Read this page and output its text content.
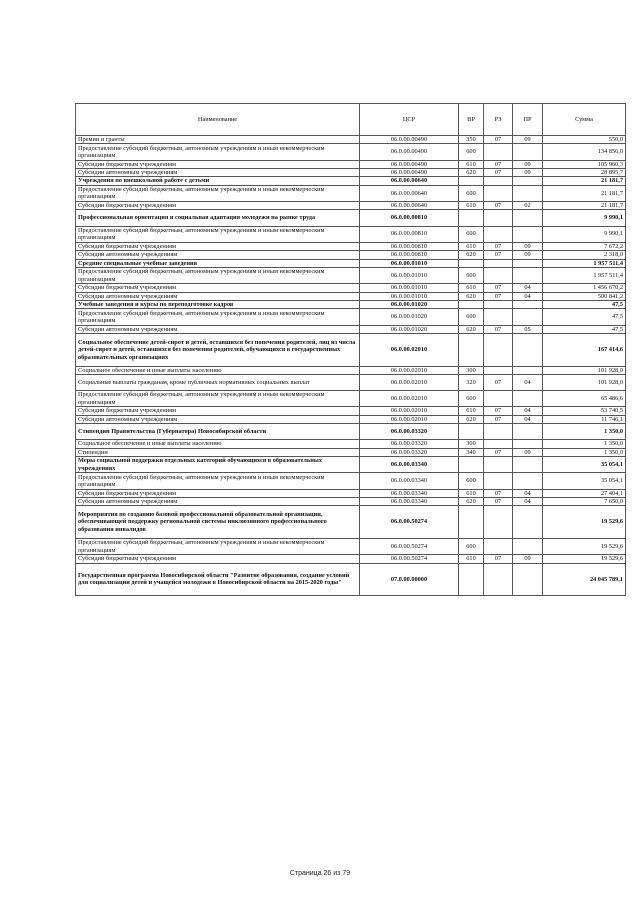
Наименование	ЦСР	ВР	РЗ	ПР	Сумма
Премии и гранты	06.0.00.00490	350	07	09	550,0
Предоставление субсидий бюджетным, автономным учреждениям и иным некоммерческим организациям	06.0.00.00490	600			134 856,0
Субсидии бюджетным учреждениям	06.0.00.00490	610	07	09	105 960,3
Субсидии автономным учреждениям	06.0.00.00490	620	07	09	28 895,7
Учреждения по внешкольной работе с детьми	06.0.00.00640				21 181,7
Предоставление субсидий бюджетным, автономным учреждениям и иным некоммерческим организациям	06.0.00.00640	600			21 181,7
Субсидии бюджетным учреждениям	06.0.00.00640	610	07	02	21 181,7
Профессиональная ориентация и социальная адаптация молодежи на рынке труда	06.0.00.00810				9 990,1
Предоставление субсидий бюджетным, автономным учреждениям и иным некоммерческим организациям	06.0.00.00810	600			9 990,1
Субсидии бюджетным учреждениям	06.0.00.00810	610	07	09	7 672,2
Субсидии автономным учреждениям	06.0.00.00810	620	07	09	2 318,0
Средние специальные учебные заведения	06.0.00.01010				1 957 511,4
Предоставление субсидий бюджетным, автономным учреждениям и иным некоммерческим организациям	06.0.00.01010	600			1 957 511,4
Субсидии бюджетным учреждениям	06.0.00.01010	610	07	04	1 456 670,2
Субсидии автономным учреждениям	06.0.00.01010	620	07	04	500 841,2
Учебные заведения и курсы по переподготовке кадров	06.0.00.01020				47,5
Предоставление субсидий бюджетным, автономным учреждениям и иным некоммерческим организациям	06.0.00.01020	600			47,5
Субсидии автономным учреждениям	06.0.00.01020	620	07	05	47,5
Социальное обеспечение детей-сирот и детей, оставшихся без попечения родителей, лиц из числа детей-сирот и детей, оставшихся без попечения родителей, обучающихся в государственных образовательных организациях	06.0.00.02010				167 414,6
Социальное обеспечение и иные выплаты населению	06.0.00.02010	300			101 928,0
Социальные выплаты гражданам, кроме публичных нормативных социальных выплат	06.0.00.02010	320	07	04	101 928,0
Предоставление субсидий бюджетным, автономным учреждениям и иным некоммерческим организациям	06.0.00.02010	600			65 486,6
Субсидии бюджетным учреждениям	06.0.00.02010	610	07	04	53 740,5
Субсидии автономным учреждениям	06.0.00.02010	620	07	04	11 746,1
Стипендии Правительства (Губернатора) Новосибирской области	06.0.00.03320				1 350,0
Социальное обеспечение и иные выплаты населению	06.0.00.03320	300			1 350,0
Стипендии	06.0.00.03320	340	07	09	1 350,0
Меры социальной поддержки отдельных категорий обучающихся в образовательных учреждениях	06.0.00.03340				35 054,1
Предоставление субсидий бюджетным, автономным учреждениям и иным некоммерческим организациям	06.0.00.03340	600			35 054,1
Субсидии бюджетным учреждениям	06.0.00.03340	610	07	04	27 404,1
Субсидии автономным учреждениям	06.0.00.03340	620	07	04	7 650,0
Мероприятия по созданию базовой профессиональной образовательной организации, обеспечивающей поддержку региональной системы инклюзивного профессионального образования инвалидов	06.0.00.50274				19 529,6
Предоставление субсидий бюджетным, автономным учреждениям и иным некоммерческим организациям	06.0.00.50274	600			19 529,6
Субсидии бюджетным учреждениям	06.0.00.50274	610	07	09	19 529,6
Государственная программа Новосибирской области "Развитие образования, создание условий для социализации детей и учащейся молодежи в Новосибирской области на 2015-2020 годы"	07.0.00.00000				24 045 789,1
Страница 26 из 79
